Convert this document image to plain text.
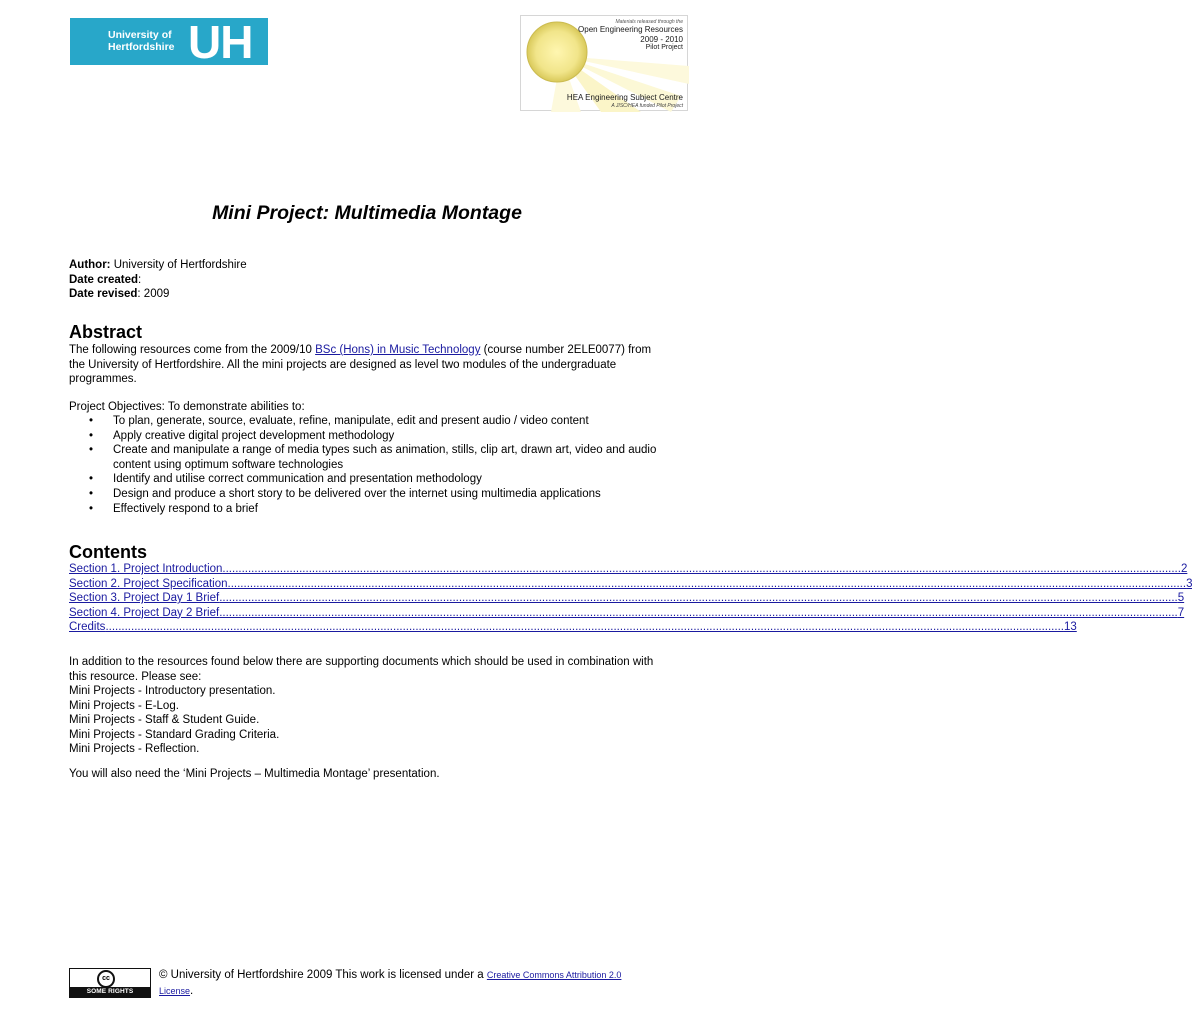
University of
Hertfordshire UH	Materials released through the
Open Engineering Resources
2009 - 2010
Pilot Project
HEA Engineering Subject Centre
A JISC/HEA funded Pilot Project
Mini Project: Multimedia Montage
Author: University of Hertfordshire
Date created:
Date revised: 2009
Abstract
The following resources come from the 2009/10 BSc (Hons) in Music Technology (course number 2ELE0077) from the University of Hertfordshire. All the mini projects are designed as level two modules of the undergraduate programmes.
Project Objectives: To demonstrate abilities to:
• To plan, generate, source, evaluate, refine, manipulate, edit and present audio / video content
• Apply creative digital project development methodology
• Create and manipulate a range of media types such as animation, stills, clip art, drawn art, video and audio content using optimum software technologies
• Identify and utilise correct communication and presentation methodology
• Design and produce a short story to be delivered over the internet using multimedia applications
• Effectively respond to a brief
Contents
Section 1. Project Introduction ............................................................................................................................................................................................................................................................................................................ 2
Section 2. Project Specification ............................................................................................................................................................................................................................................................................................................ 3
Section 3. Project Day 1 Brief ............................................................................................................................................................................................................................................................................................................ 5
Section 4. Project Day 2 Brief ............................................................................................................................................................................................................................................................................................................ 7
Credits ............................................................................................................................................................................................................................................................................................................ 13
In addition to the resources found below there are supporting documents which should be used in combination with this resource. Please see:
Mini Projects - Introductory presentation.
Mini Projects - E-Log.
Mini Projects - Staff & Student Guide.
Mini Projects - Standard Grading Criteria.
Mini Projects - Reflection.
You will also need the ‘Mini Projects – Multimedia Montage’ presentation.
cc
SOME RIGHTS RESERVED
© University of Hertfordshire 2009 This work is licensed under a Creative Commons Attribution 2.0
License.
